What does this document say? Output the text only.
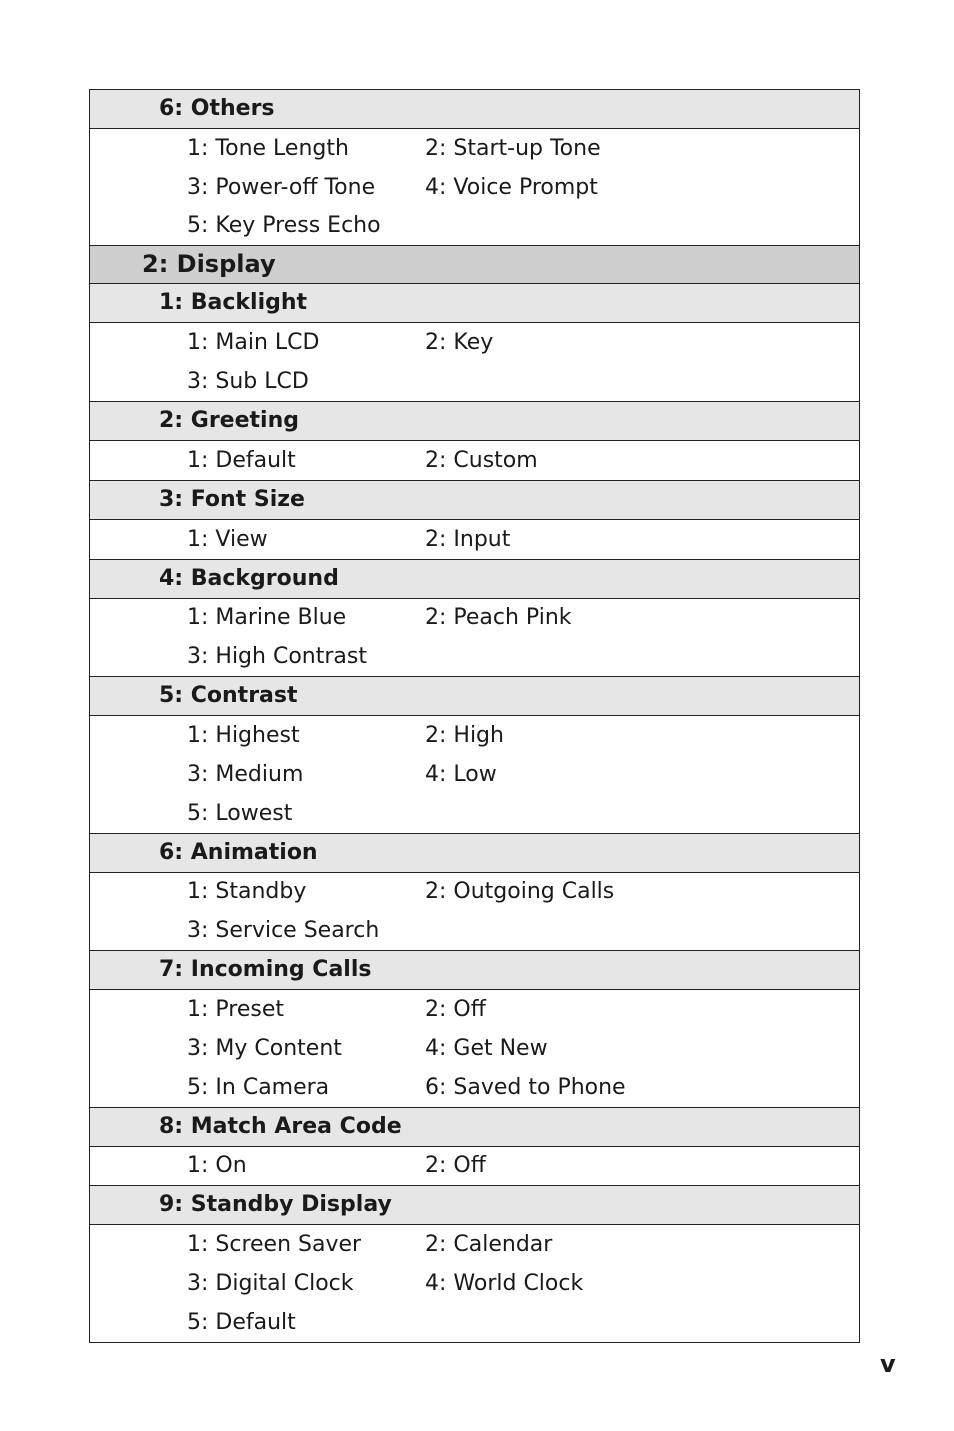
6: Others
1: Tone Length	2: Start-up Tone
3: Power-off Tone	4: Voice Prompt
5: Key Press Echo
2: Display
1: Backlight
1: Main LCD	2: Key
3: Sub LCD
2: Greeting
1: Default	2: Custom
3: Font Size
1: View	2: Input
4: Background
1: Marine Blue	2: Peach Pink
3: High Contrast
5: Contrast
1: Highest	2: High
3: Medium	4: Low
5: Lowest
6: Animation
1: Standby	2: Outgoing Calls
3: Service Search
7: Incoming Calls
1: Preset	2: Off
3: My Content	4: Get New
5: In Camera	6: Saved to Phone
8: Match Area Code
1: On	2: Off
9: Standby Display
1: Screen Saver	2: Calendar
3: Digital Clock	4: World Clock
5: Default
v
